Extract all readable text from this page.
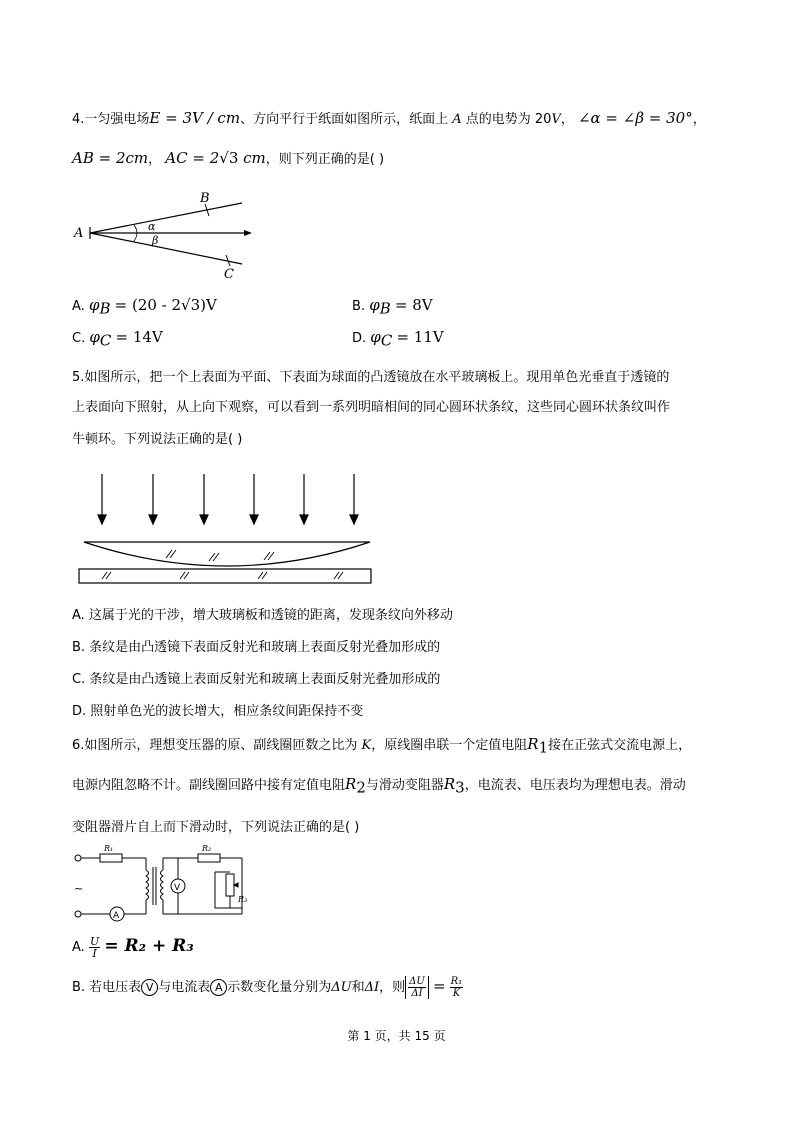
4.一匀强电场E = 3V / cm、方向平行于纸面如图所示，纸面上 A 点的电势为 20V， ∠α = ∠β = 30°，
AB = 2cm， AC = 2√3 cm，则下列正确的是( )
A
B
C
α
β
A. $\varphi_B = (20 - 2√3)V$	B. $\varphi_B = 8V$
C. $\varphi_C = 14V$	D. $\varphi_C = 11V$
5.如图所示，把一个上表面为平面、下表面为球面的凸透镜放在水平玻璃板上。现用单色光垂直于透镜的
上表面向下照射，从上向下观察，可以看到一系列明暗相间的同心圆环状条纹，这些同心圆环状条纹叫作
牛顿环。下列说法正确的是( )
A. 这属于光的干涉，增大玻璃板和透镜的距离，发现条纹向外移动
B. 条纹是由凸透镜下表面反射光和玻璃上表面反射光叠加形成的
C. 条纹是由凸透镜上表面反射光和玻璃上表面反射光叠加形成的
D. 照射单色光的波长增大，相应条纹间距保持不变
6.如图所示，理想变压器的原、副线圈匝数之比为 K，原线圈串联一个定值电阻$R_1$接在正弦式交流电源上，
电源内阻忽略不计。副线圈回路中接有定值电阻$R_2$与滑动变阻器$R_3$，电流表、电压表均为理想电表。滑动
变阻器滑片自上而下滑动时，下列说法正确的是( )
R₁	R₂
R₃
~	V
A
A. $\frac{U}{I} = R_2 + R_3$
B. 若电压表 V 与电流表 A 示数变化量分别为ΔU和ΔI，则 $\frac{\Delta U}{\Delta I} = \frac{\text{R₁}}{K}$
第 1 页，共 15 页
